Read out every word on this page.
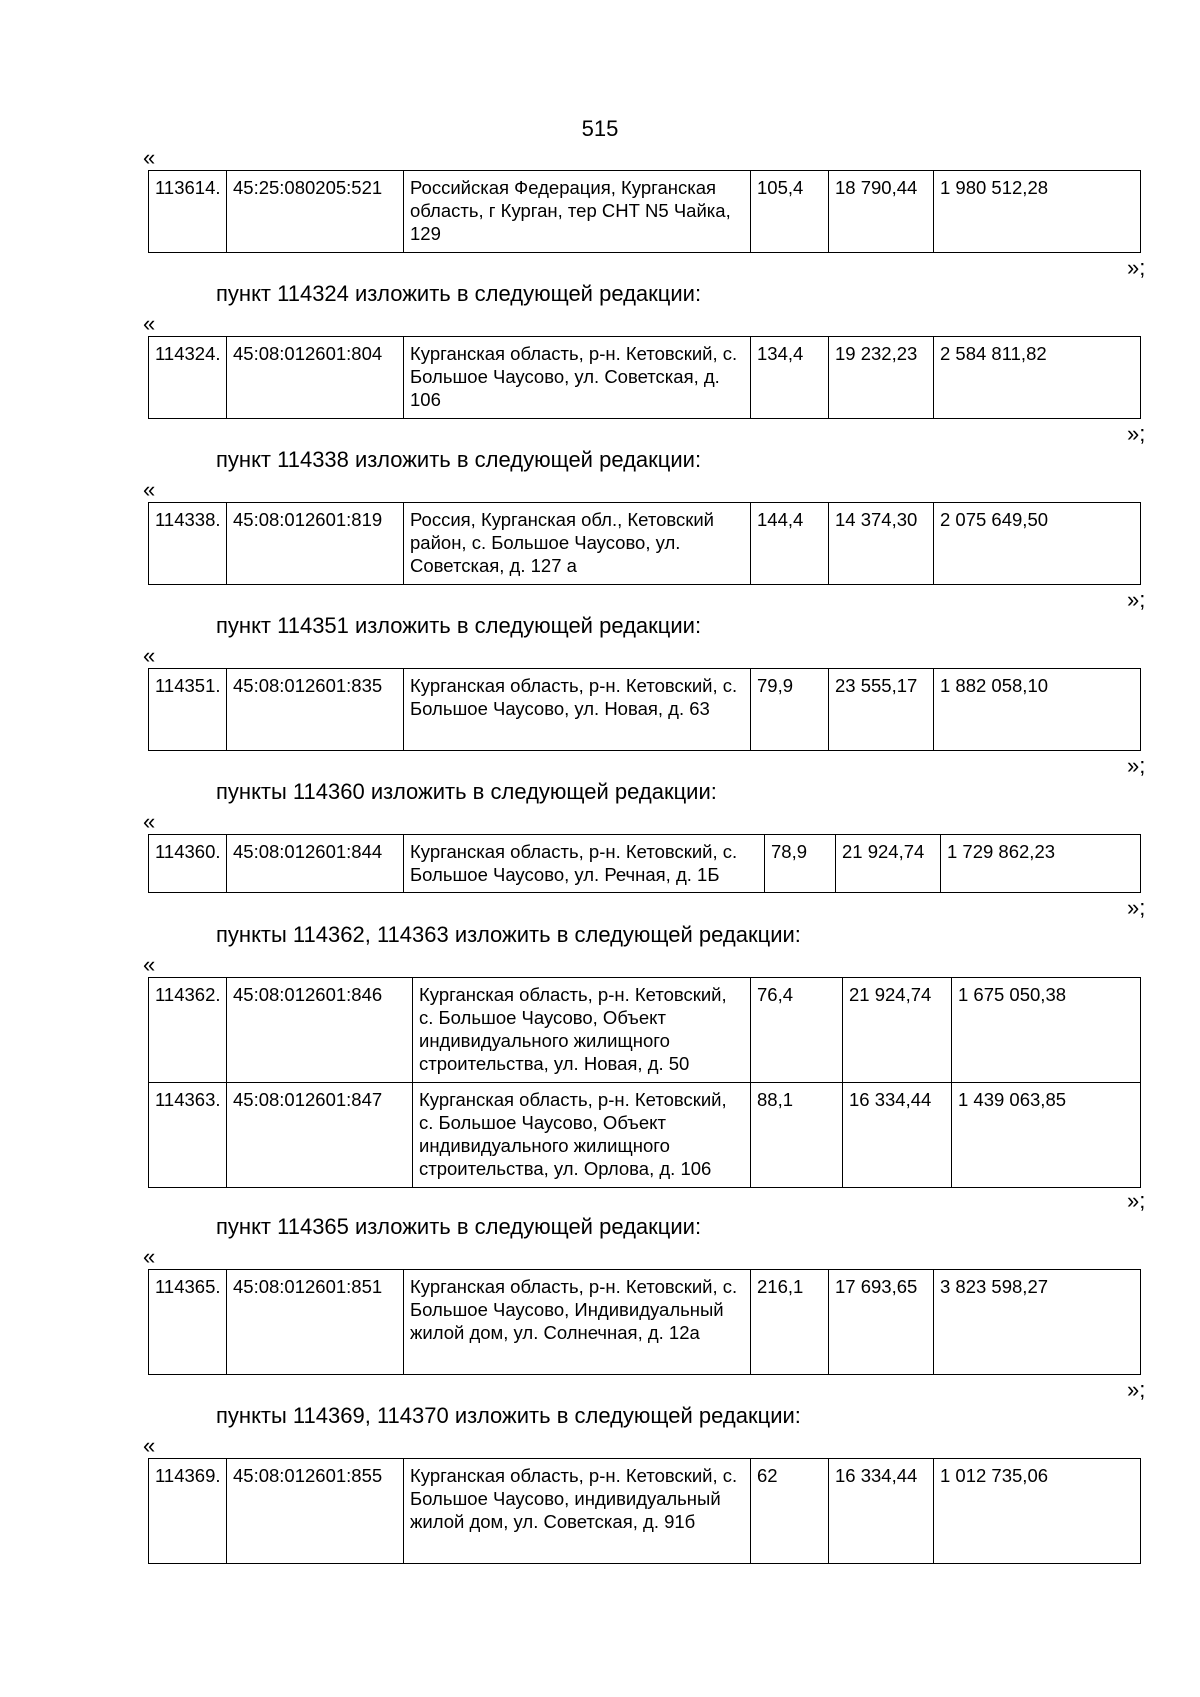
515
«
113614.	45:25:080205:521	Российская Федерация, Курганская область, г Курган, тер СНТ N5 Чайка, 129	105,4	18 790,44	1 980 512,28
»;
пункт 114324 изложить в следующей редакции:
«
114324.	45:08:012601:804	Курганская область, р-н. Кетовский, с. Большое Чаусово, ул. Советская, д. 106	134,4	19 232,23	2 584 811,82
»;
пункт 114338 изложить в следующей редакции:
«
114338.	45:08:012601:819	Россия, Курганская обл., Кетовский район, с. Большое Чаусово, ул. Советская, д. 127 а	144,4	14 374,30	2 075 649,50
»;
пункт 114351 изложить в следующей редакции:
«
114351.	45:08:012601:835	Курганская область, р-н. Кетовский, с. Большое Чаусово, ул. Новая, д. 63	79,9	23 555,17	1 882 058,10
»;
пункты 114360 изложить в следующей редакции:
«
114360.	45:08:012601:844	Курганская область, р-н. Кетовский, с. Большое Чаусово, ул. Речная, д. 1Б	78,9	21 924,74	1 729 862,23
»;
пункты 114362, 114363 изложить в следующей редакции:
«
114362.	45:08:012601:846	Курганская область, р-н. Кетовский, с. Большое Чаусово, Объект индивидуального жилищного строительства, ул. Новая, д. 50	76,4	21 924,74	1 675 050,38
114363.	45:08:012601:847	Курганская область, р-н. Кетовский, с. Большое Чаусово, Объект индивидуального жилищного строительства, ул. Орлова, д. 106	88,1	16 334,44	1 439 063,85
»;
пункт 114365 изложить в следующей редакции:
«
114365.	45:08:012601:851	Курганская область, р-н. Кетовский, с. Большое Чаусово, Индивидуальный жилой дом, ул. Солнечная, д. 12а	216,1	17 693,65	3 823 598,27
»;
пункты 114369, 114370 изложить в следующей редакции:
«
114369.	45:08:012601:855	Курганская область, р-н. Кетовский, с. Большое Чаусово, индивидуальный жилой дом, ул. Советская, д. 91б	62	16 334,44	1 012 735,06
